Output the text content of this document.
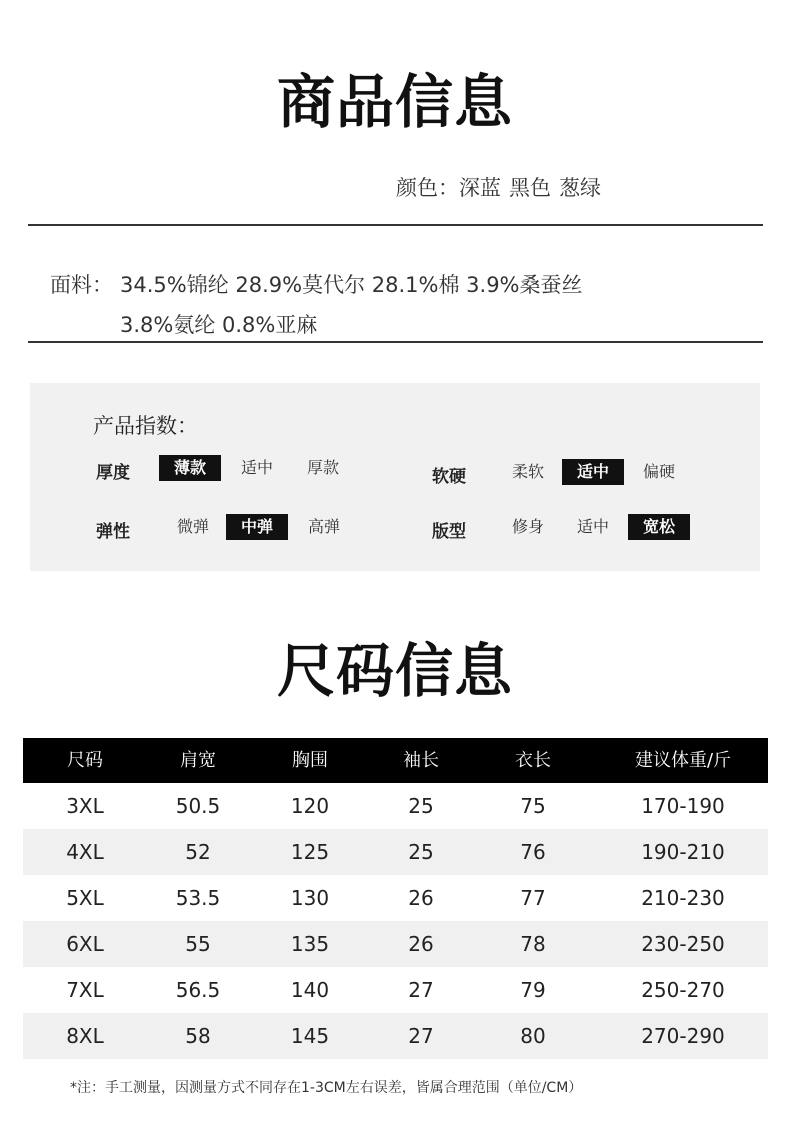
商品信息
颜色：深蓝 黑色 葱绿
面料： 34.5%锦纶 28.9%莫代尔 28.1%棉 3.9%桑蚕丝
3.8%氨纶 0.8%亚麻
产品指数：
厚度	薄款	适中	厚款	软硬	柔软	适中	偏硬
弹性	微弹	中弹	高弹	版型	修身	适中	宽松
尺码信息
尺码	肩宽	胸围	袖长	衣长	建议体重/斤
3XL	50.5	120	25	75	170-190
4XL	52	125	25	76	190-210
5XL	53.5	130	26	77	210-230
6XL	55	135	26	78	230-250
7XL	56.5	140	27	79	250-270
8XL	58	145	27	80	270-290
*注：手工测量，因测量方式不同存在1-3CM左右误差，皆属合理范围（单位/CM）
